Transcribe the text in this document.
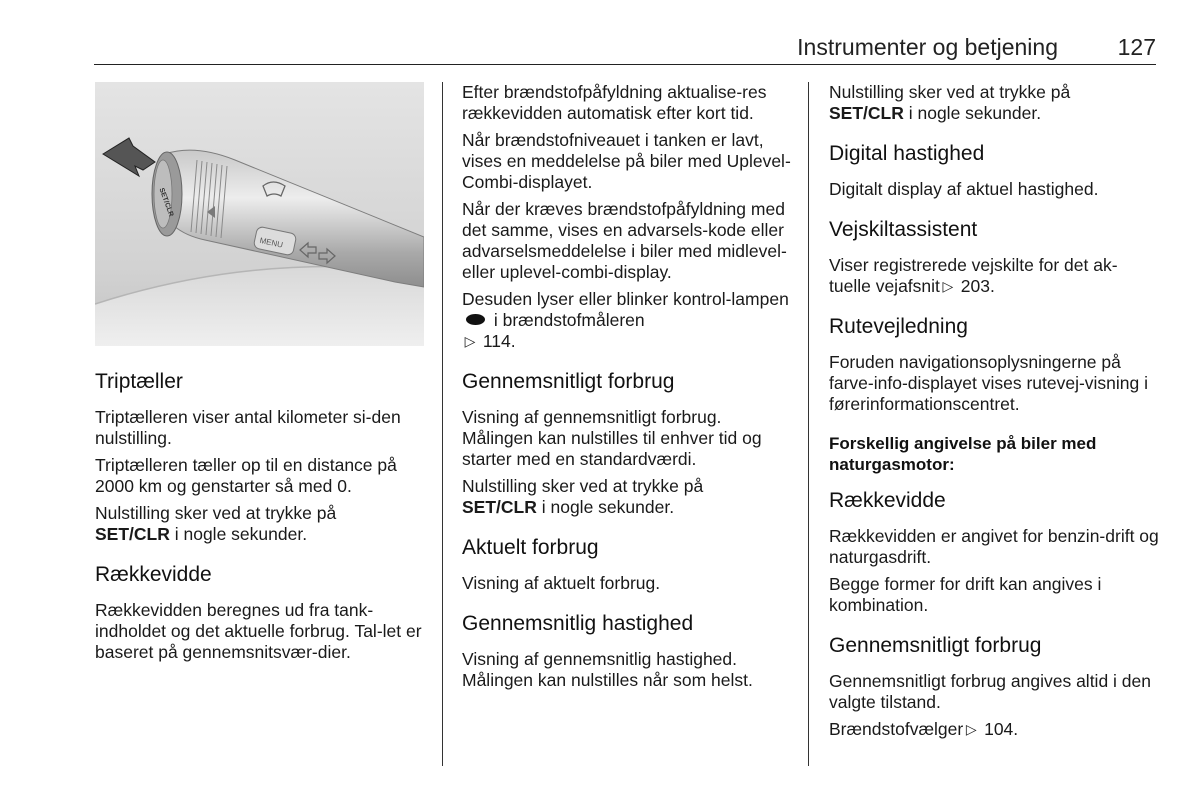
Instrumenter og betjening	127
MENU
SET/CLR
Triptæller

Triptælleren viser antal kilometer si-den nulstilling.

Triptælleren tæller op til en distance på 2000 km og genstarter så med 0.

Nulstilling sker ved at trykke på
SET/CLR i nogle sekunder.

Rækkevidde

Rækkevidden beregnes ud fra tank-indholdet og det aktuelle forbrug. Tal-let er baseret på gennemsnitsvær-dier.

Efter brændstofpåfyldning aktualise-res rækkevidden automatisk efter kort tid.

Når brændstofniveauet i tanken er lavt, vises en meddelelse på biler med Uplevel-Combi-displayet.

Når der kræves brændstofpåfyldning med det samme, vises en advarsels-kode eller advarselsmeddelelse i biler med midlevel- eller uplevel-combi-display.

Desuden lyser eller blinker kontrol-lampen i brændstofmåleren
▷ 114.

Gennemsnitligt forbrug

Visning af gennemsnitligt forbrug. Målingen kan nulstilles til enhver tid og starter med en standardværdi.

Nulstilling sker ved at trykke på
SET/CLR i nogle sekunder.

Aktuelt forbrug

Visning af aktuelt forbrug.

Gennemsnitlig hastighed

Visning af gennemsnitlig hastighed. Målingen kan nulstilles når som helst.

Nulstilling sker ved at trykke på
SET/CLR i nogle sekunder.

Digital hastighed

Digitalt display af aktuel hastighed.

Vejskiltassistent

Viser registrerede vejskilte for det ak-tuelle vejafsnit ▷ 203.

Rutevejledning

Foruden navigationsoplysningerne på farve-info-displayet vises rutevej-visning i førerinformationscentret.

Forskellig angivelse på biler med naturgasmotor:
Rækkevidde

Rækkevidden er angivet for benzin-drift og naturgasdrift.

Begge former for drift kan angives i kombination.

Gennemsnitligt forbrug

Gennemsnitligt forbrug angives altid i den valgte tilstand.

Brændstofvælger ▷ 104.
